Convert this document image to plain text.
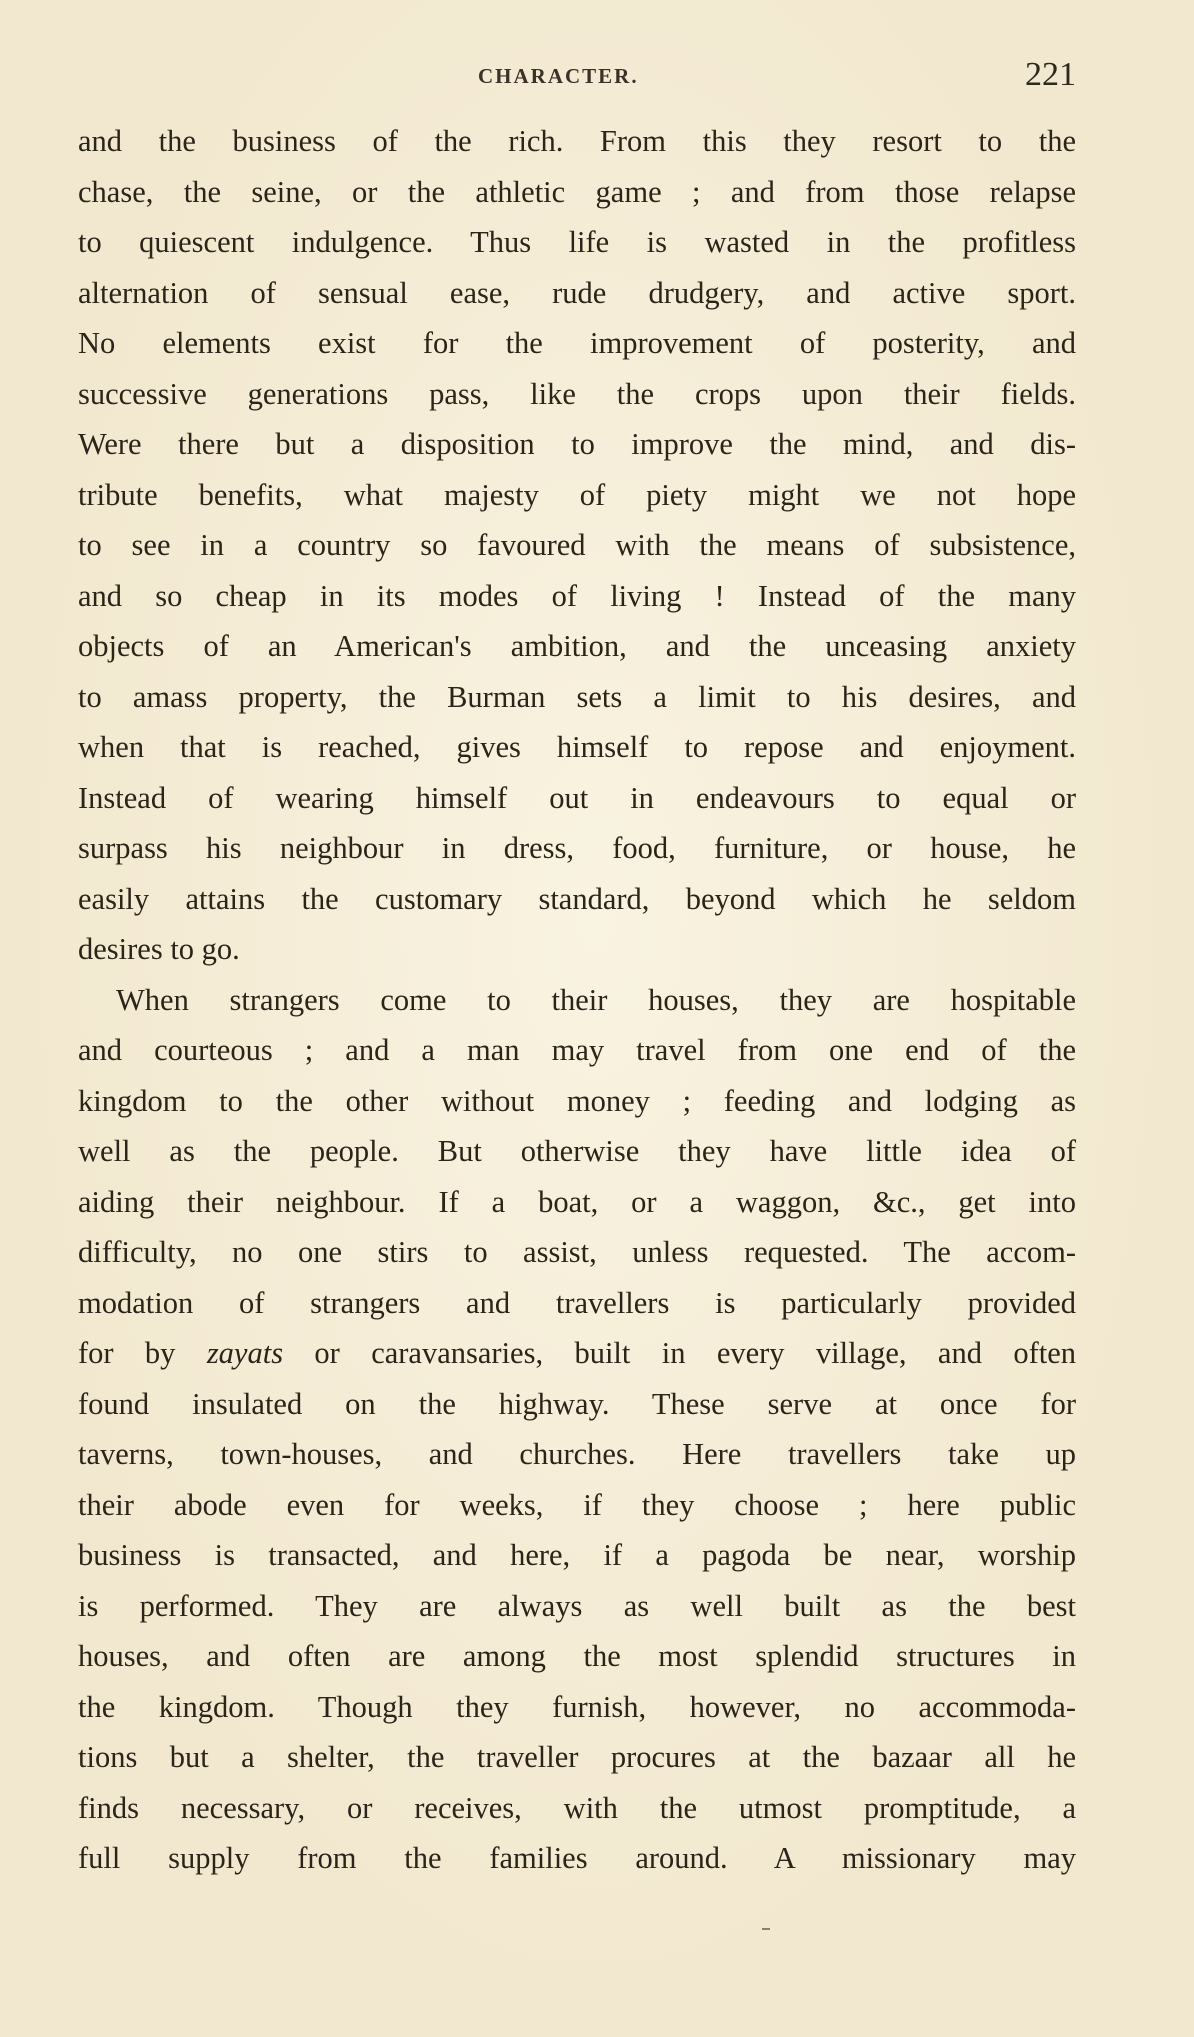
CHARACTER.	221
and the business of the rich. From this they resort to the
chase, the seine, or the athletic game ; and from those relapse
to quiescent indulgence. Thus life is wasted in the profitless
alternation of sensual ease, rude drudgery, and active sport.
No elements exist for the improvement of posterity, and
successive generations pass, like the crops upon their fields.
Were there but a disposition to improve the mind, and dis-
tribute benefits, what majesty of piety might we not hope
to see in a country so favoured with the means of subsistence,
and so cheap in its modes of living ! Instead of the many
objects of an American's ambition, and the unceasing anxiety
to amass property, the Burman sets a limit to his desires, and
when that is reached, gives himself to repose and enjoyment.
Instead of wearing himself out in endeavours to equal or
surpass his neighbour in dress, food, furniture, or house, he
easily attains the customary standard, beyond which he seldom
desires to go.
When strangers come to their houses, they are hospitable
and courteous ; and a man may travel from one end of the
kingdom to the other without money ; feeding and lodging as
well as the people. But otherwise they have little idea of
aiding their neighbour. If a boat, or a waggon, &c., get into
difficulty, no one stirs to assist, unless requested. The accom-
modation of strangers and travellers is particularly provided
for by zayats or caravansaries, built in every village, and often
found insulated on the highway. These serve at once for
taverns, town-houses, and churches. Here travellers take up
their abode even for weeks, if they choose ; here public
business is transacted, and here, if a pagoda be near, worship
is performed. They are always as well built as the best
houses, and often are among the most splendid structures in
the kingdom. Though they furnish, however, no accommoda-
tions but a shelter, the traveller procures at the bazaar all he
finds necessary, or receives, with the utmost promptitude, a
full supply from the families around. A missionary may
